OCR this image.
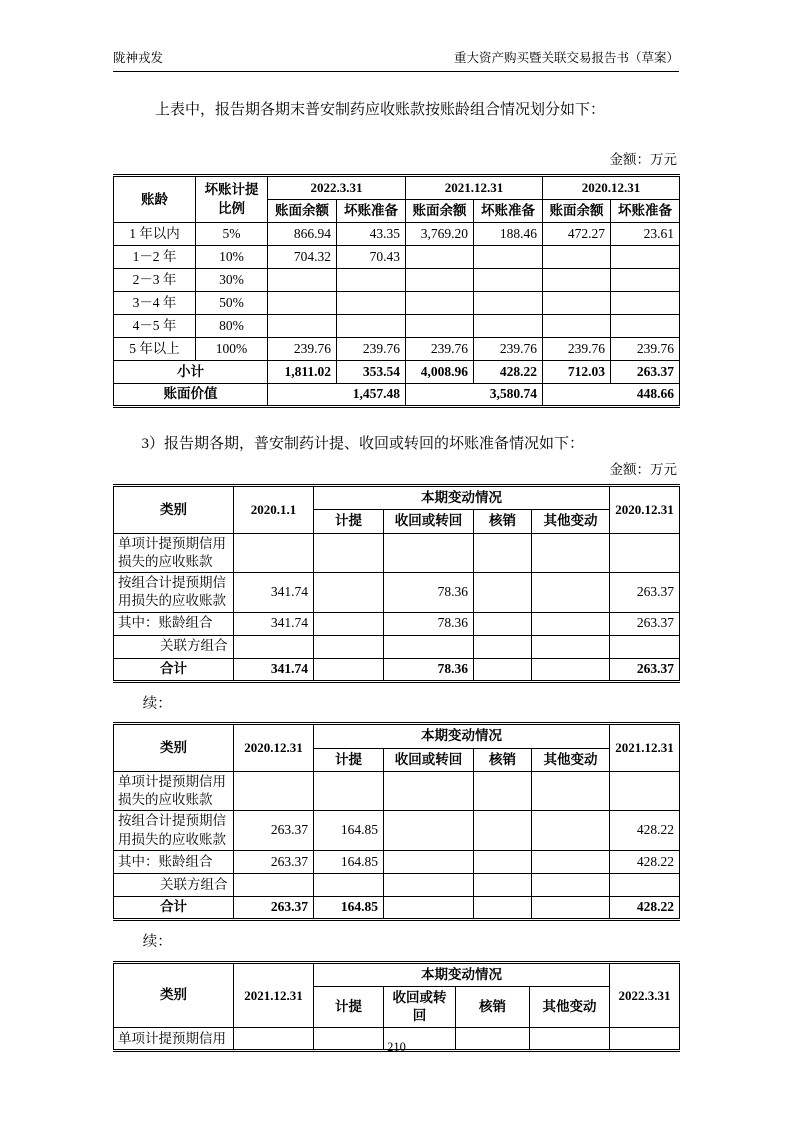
陇神戎发	重大资产购买暨关联交易报告书（草案）

上表中，报告期各期末普安制药应收账款按账龄组合情况划分如下：

金额：万元
账龄	坏账计提比例	2022.3.31		2021.12.31		2020.12.31	
		账面余额	坏账准备	账面余额	坏账准备	账面余额	坏账准备
1 年以内	5%	866.94	43.35	3,769.20	188.46	472.27	23.61
1－2 年	10%	704.32	70.43				
2－3 年	30%						
3－4 年	50%						
4－5 年	80%						
5 年以上	100%	239.76	239.76	239.76	239.76	239.76	239.76
小计		1,811.02	353.54	4,008.96	428.22	712.03	263.37
账面价值		1,457.48		3,580.74		448.66	

3）报告期各期，普安制药计提、收回或转回的坏账准备情况如下：

金额：万元
类别	2020.1.1	本期变动情况				2020.12.31
		计提	收回或转回	核销	其他变动	
单项计提预期信用损失的应收账款						
按组合计提预期信用损失的应收账款	341.74		78.36			263.37
其中：账龄组合	341.74		78.36			263.37
关联方组合						
合计	341.74		78.36			263.37

续：

类别	2020.12.31	本期变动情况				2021.12.31
		计提	收回或转回	核销	其他变动	
单项计提预期信用损失的应收账款						
按组合计提预期信用损失的应收账款	263.37	164.85				428.22
其中：账龄组合	263.37	164.85				428.22
关联方组合						
合计	263.37	164.85				428.22

续：

类别	2021.12.31	本期变动情况				2022.3.31
		计提	收回或转回	核销	其他变动	
单项计提预期信用						
210
